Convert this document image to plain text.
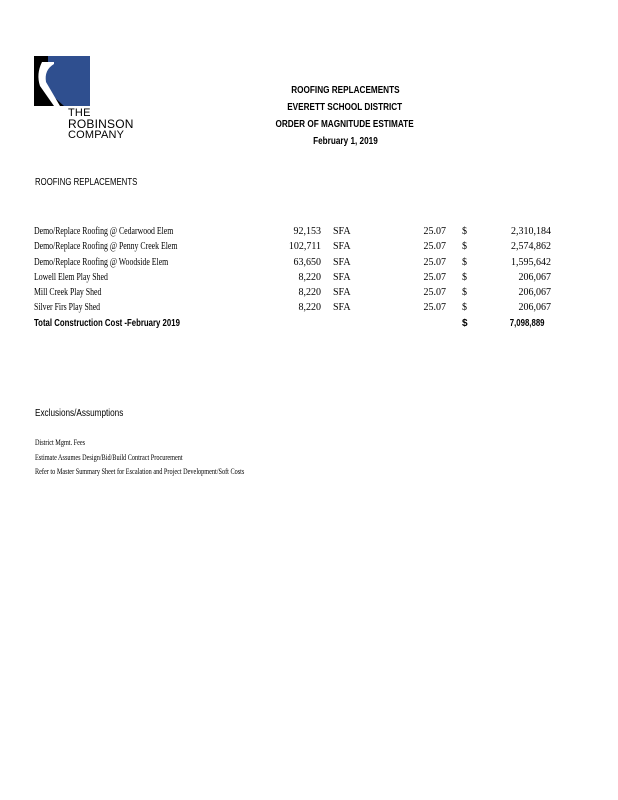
THE
ROBINSON
COMPANY
ROOFING REPLACEMENTS
EVERETT SCHOOL DISTRICT
ORDER OF MAGNITUDE ESTIMATE
February 1, 2019
ROOFING REPLACEMENTS
Demo/Replace Roofing @ Cedarwood Elem	92,153 SFA	25.07 $	2,310,184
Demo/Replace Roofing @ Penny Creek Elem	102,711 SFA	25.07 $	2,574,862
Demo/Replace Roofing @ Woodside Elem	63,650 SFA	25.07 $	1,595,642
Lowell Elem Play Shed	8,220 SFA	25.07 $	206,067
Mill Creek Play Shed	8,220 SFA	25.07 $	206,067
Silver Firs Play Shed	8,220 SFA	25.07 $	206,067
Total Construction Cost -February 2019	$	7,098,889
Exclusions/Assumptions
District Mgmt. Fees
Estimate Assumes Design/Bid/Build Contract Procurement
Refer to Master Summary Sheet for Escalation and Project Development/Soft Costs
